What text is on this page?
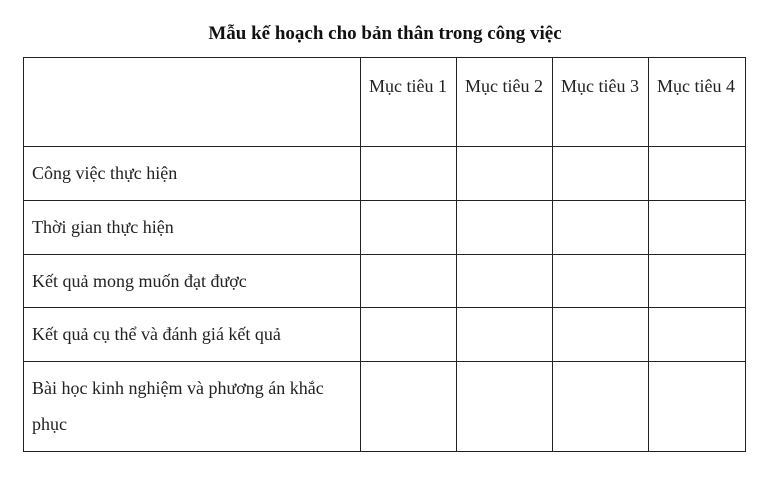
Mẫu kế hoạch cho bản thân trong công việc
	Mục tiêu 1	Mục tiêu 2	Mục tiêu 3	Mục tiêu 4
Công việc thực hiện				
Thời gian thực hiện				
Kết quả mong muốn đạt được				
Kết quả cụ thể và đánh giá kết quả				
Bài học kinh nghiệm và phương án khắc phục				
